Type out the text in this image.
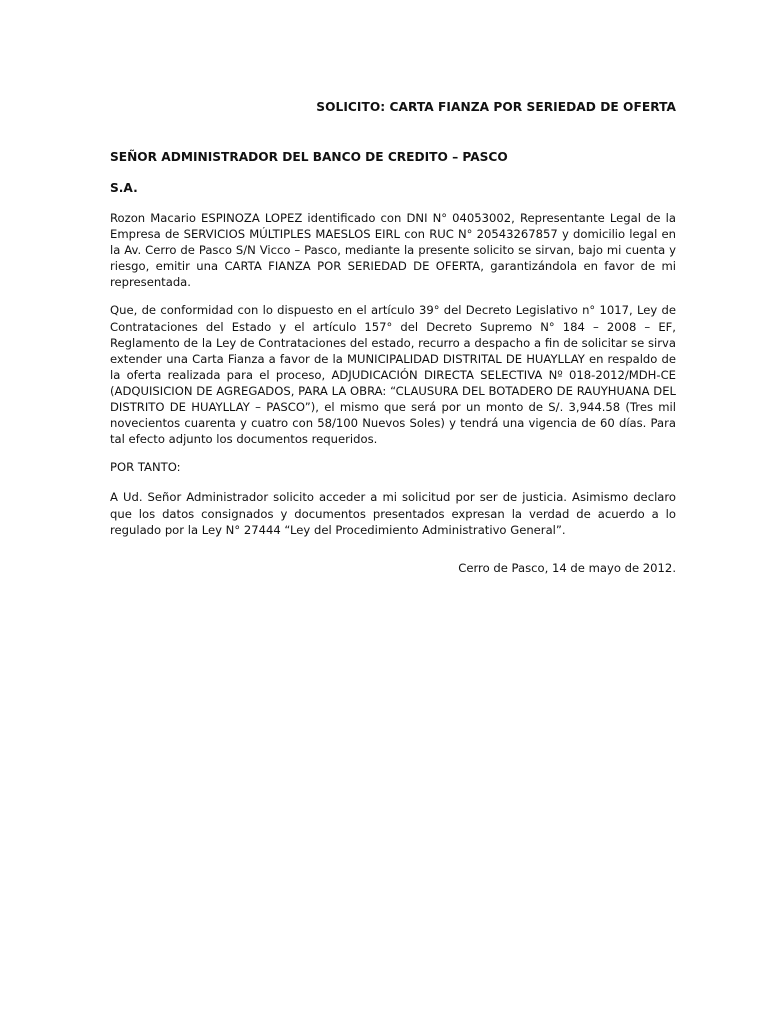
SOLICITO: CARTA FIANZA POR SERIEDAD DE OFERTA
SEÑOR ADMINISTRADOR DEL BANCO DE CREDITO – PASCO
S.A.

Rozon Macario ESPINOZA LOPEZ identificado con DNI N° 04053002, Representante Legal de la Empresa de SERVICIOS MÚLTIPLES MAESLOS EIRL con RUC N° 20543267857 y domicilio legal en la Av. Cerro de Pasco S/N Vicco – Pasco, mediante la presente solicito se sirvan, bajo mi cuenta y riesgo, emitir una CARTA FIANZA POR SERIEDAD DE OFERTA, garantizándola en favor de mi representada.

Que, de conformidad con lo dispuesto en el artículo 39° del Decreto Legislativo n° 1017, Ley de Contrataciones del Estado y el artículo 157° del Decreto Supremo N° 184 – 2008 – EF, Reglamento de la Ley de Contrataciones del estado, recurro a despacho a fin de solicitar se sirva extender una Carta Fianza a favor de la MUNICIPALIDAD DISTRITAL DE HUAYLLAY en respaldo de la oferta realizada para el proceso, ADJUDICACIÓN DIRECTA SELECTIVA Nº 018-2012/MDH-CE (ADQUISICION DE AGREGADOS, PARA LA OBRA: “CLAUSURA DEL BOTADERO DE RAUYHUANA DEL DISTRITO DE HUAYLLAY – PASCO”), el mismo que será por un monto de S/. 3,944.58 (Tres mil novecientos cuarenta y cuatro con 58/100 Nuevos Soles) y tendrá una vigencia de 60 días. Para tal efecto adjunto los documentos requeridos.

POR TANTO:

A Ud. Señor Administrador solicito acceder a mi solicitud por ser de justicia. Asimismo declaro que los datos consignados y documentos presentados expresan la verdad de acuerdo a lo regulado por la Ley N° 27444 “Ley del Procedimiento Administrativo General”.

Cerro de Pasco, 14 de mayo de 2012.
